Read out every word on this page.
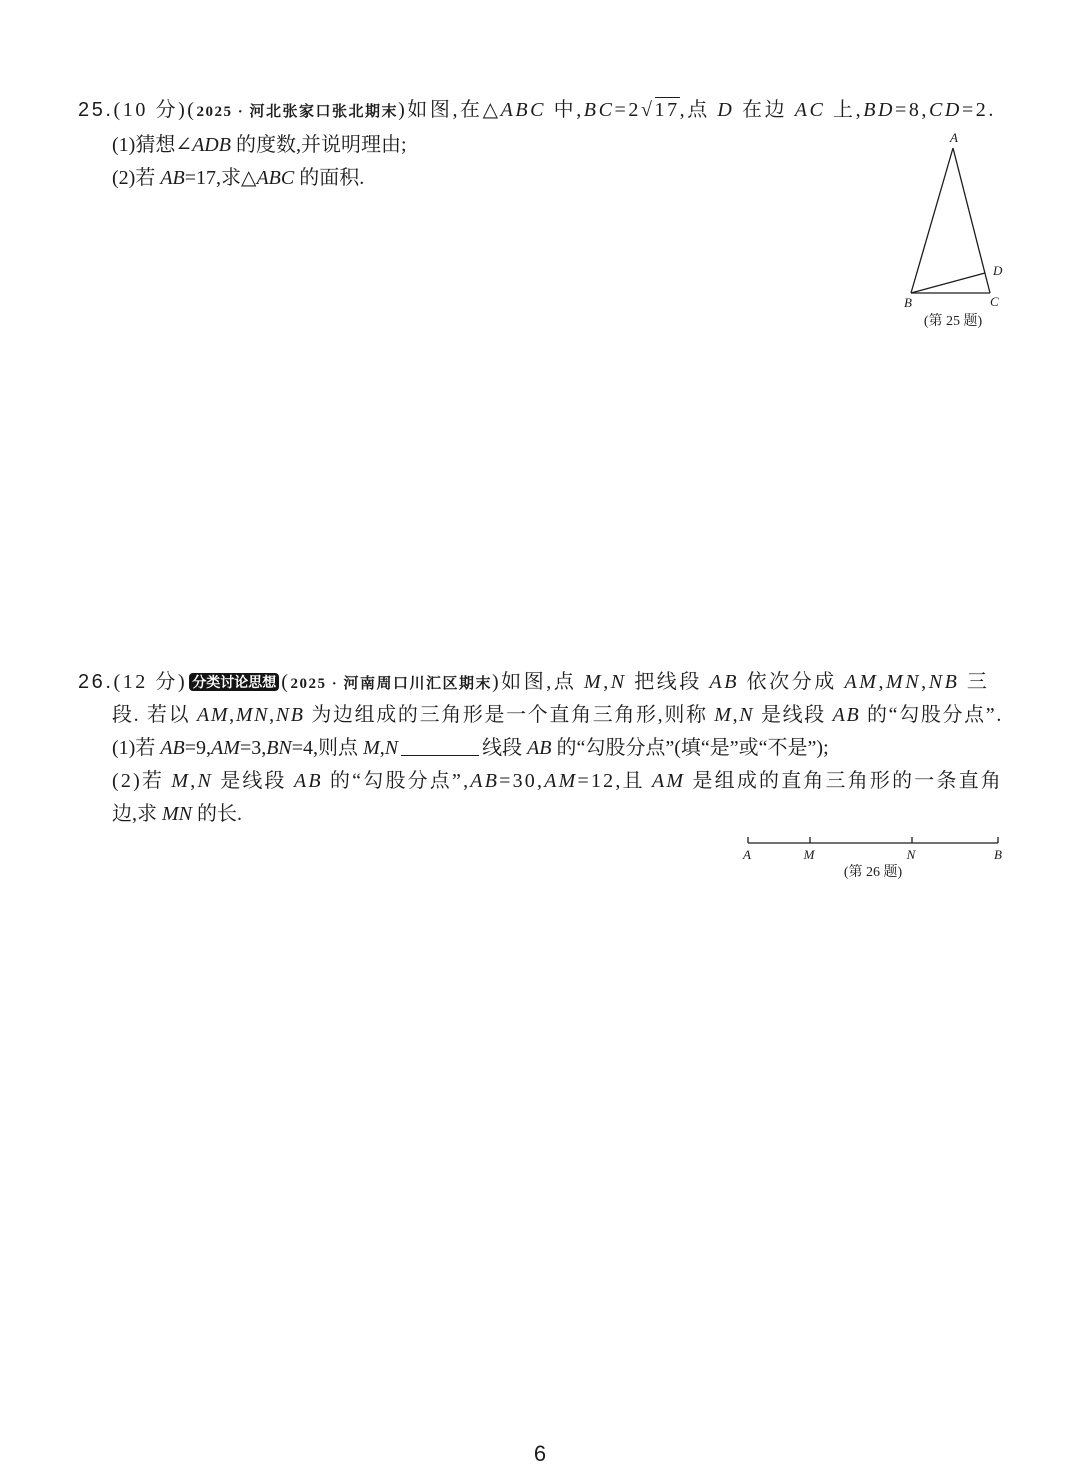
25.(10 分)(2025 · 河北张家口张北期末)如图,在△ABC 中,BC=2√17,点 D 在边 AC 上,BD=8,CD=2.
(1)猜想∠ADB 的度数,并说明理由;
(2)若 AB=17,求△ABC 的面积.
A
D
B	C
(第 25 题)
26.(12 分) 分类讨论思想 (2025 · 河南周口川汇区期末)如图,点 M,N 把线段 AB 依次分成 AM,MN,NB 三
段. 若以 AM,MN,NB 为边组成的三角形是一个直角三角形,则称 M,N 是线段 AB 的“勾股分点”.
(1)若 AB=9,AM=3,BN=4,则点 M,N	线段 AB 的“勾股分点”(填“是”或“不是”);
(2)若 M,N 是线段 AB 的“勾股分点”,AB=30,AM=12,且 AM 是组成的直角三角形的一条直角
边,求 MN 的长.
A	M	N	B
(第 26 题)
6
